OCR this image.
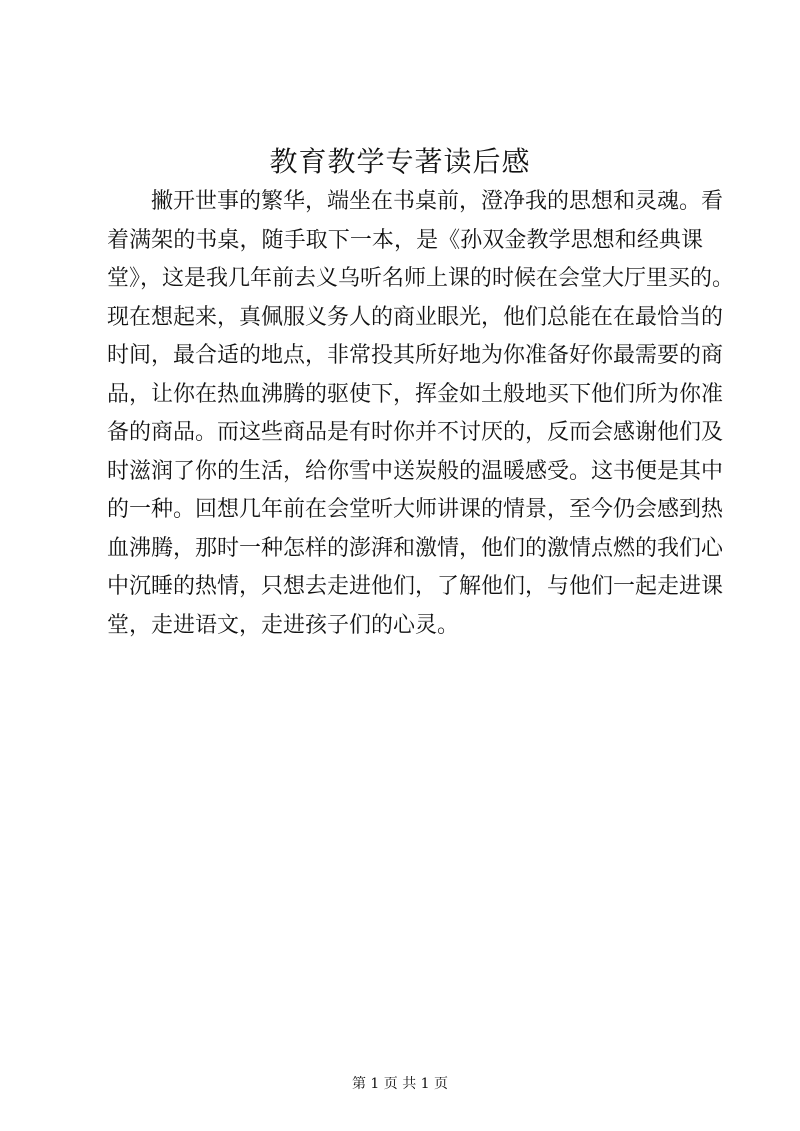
教育教学专著读后感
撇开世事的繁华，端坐在书桌前，澄净我的思想和灵魂。看
着满架的书桌，随手取下一本，是《孙双金教学思想和经典课
堂》，这是我几年前去义乌听名师上课的时候在会堂大厅里买的。
现在想起来，真佩服义务人的商业眼光，他们总能在在最恰当的
时间，最合适的地点，非常投其所好地为你准备好你最需要的商
品，让你在热血沸腾的驱使下，挥金如土般地买下他们所为你准
备的商品。而这些商品是有时你并不讨厌的，反而会感谢他们及
时滋润了你的生活，给你雪中送炭般的温暖感受。这书便是其中
的一种。回想几年前在会堂听大师讲课的情景，至今仍会感到热
血沸腾，那时一种怎样的澎湃和激情，他们的激情点燃的我们心
中沉睡的热情，只想去走进他们，了解他们，与他们一起走进课
堂，走进语文，走进孩子们的心灵。
第 1 页 共 1 页
